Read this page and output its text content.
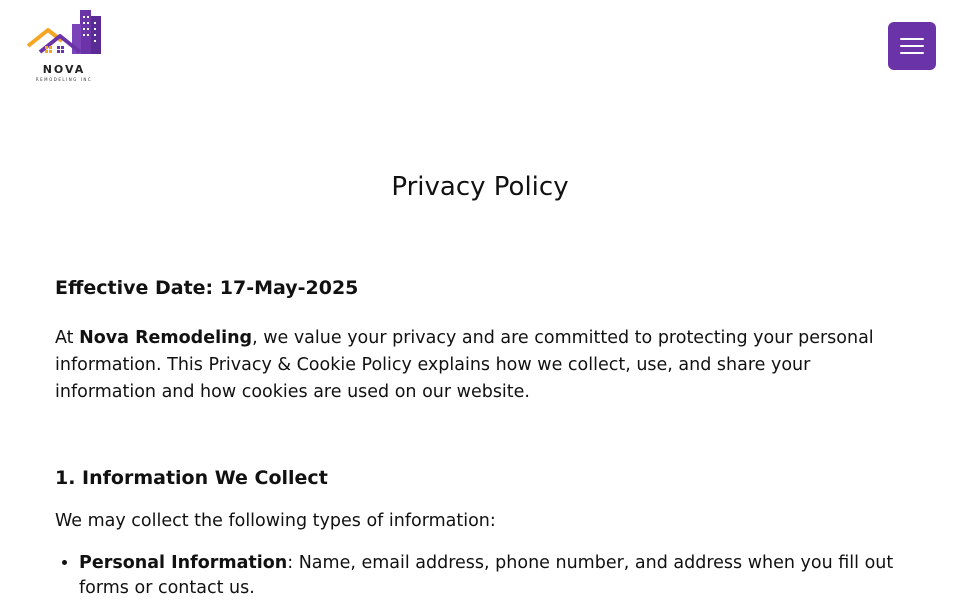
NOVA
REMODELING INC
Privacy Policy

Effective Date: 17-May-2025

At Nova Remodeling, we value your privacy and are committed to protecting your personal information. This Privacy & Cookie Policy explains how we collect, use, and share your information and how cookies are used on our website.

1. Information We Collect

We may collect the following types of information:

• Personal Information: Name, email address, phone number, and address when you fill out forms or contact us.
